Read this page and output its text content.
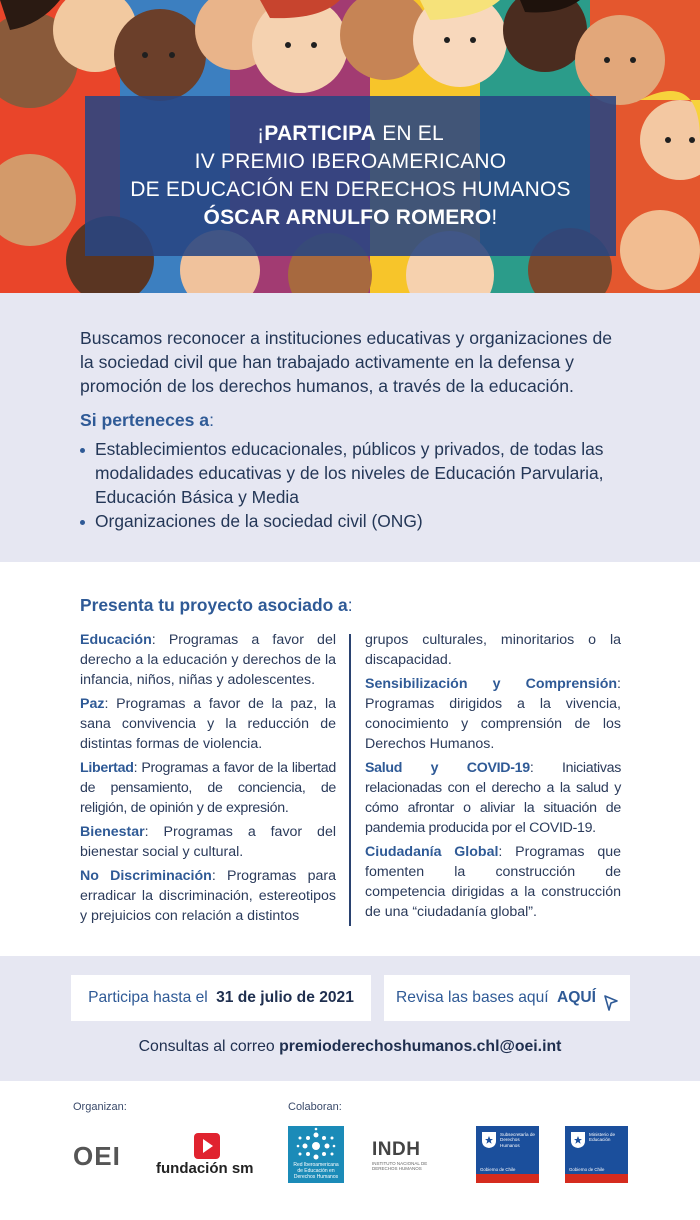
¡PARTICIPA EN EL
IV PREMIO IBEROAMERICANO
DE EDUCACIÓN EN DERECHOS HUMANOS
ÓSCAR ARNULFO ROMERO!

Buscamos reconocer a instituciones educativas y organizaciones de la sociedad civil que han trabajado activamente en la defensa y promoción de los derechos humanos, a través de la educación.

Si perteneces a:
Establecimientos educacionales, públicos y privados, de todas las modalidades educativas y de los niveles de Educación Parvularia, Educación Básica y Media
Organizaciones de la sociedad civil (ONG)
Presenta tu proyecto asociado a:
Educación: Programas a favor del derecho a la educación y derechos de la infancia, niños, niñas y adolescentes.
Paz: Programas a favor de la paz, la sana convivencia y la reducción de distintas formas de violencia.
Libertad: Programas a favor de la libertad de pensamiento, de conciencia, de religión, de opinión y de expresión.
Bienestar: Programas a favor del bienestar social y cultural.
No Discriminación: Programas para erradicar la discriminación, estereotipos y prejuicios con relación a distintos
grupos culturales, minoritarios o la discapacidad.
Sensibilización y Comprensión: Programas dirigidos a la vivencia, conocimiento y comprensión de los Derechos Humanos.
Salud y COVID-19: Iniciativas relacionadas con el derecho a la salud y cómo afrontar o aliviar la situación de pandemia producida por el COVID-19.
Ciudadanía Global: Programas que fomenten la construcción de competencia dirigidas a la construcción de una “ciudadanía global”.
Participa hasta el
31 de julio de 2021	Revisa las bases aquí
AQUÍ
Consultas al correo premioderechoshumanos.chl@oei.int
Organizan:	Colaboran:
OEI fundación sm	Red Iberoamericana de Educación en Derechos Humanos
INDH
INSTITUTO NACIONAL DE DERECHOS HUMANOS
Subsecretaría de Derechos Humanos
Gobierno de Chile
Ministerio de Educación
Gobierno de Chile
